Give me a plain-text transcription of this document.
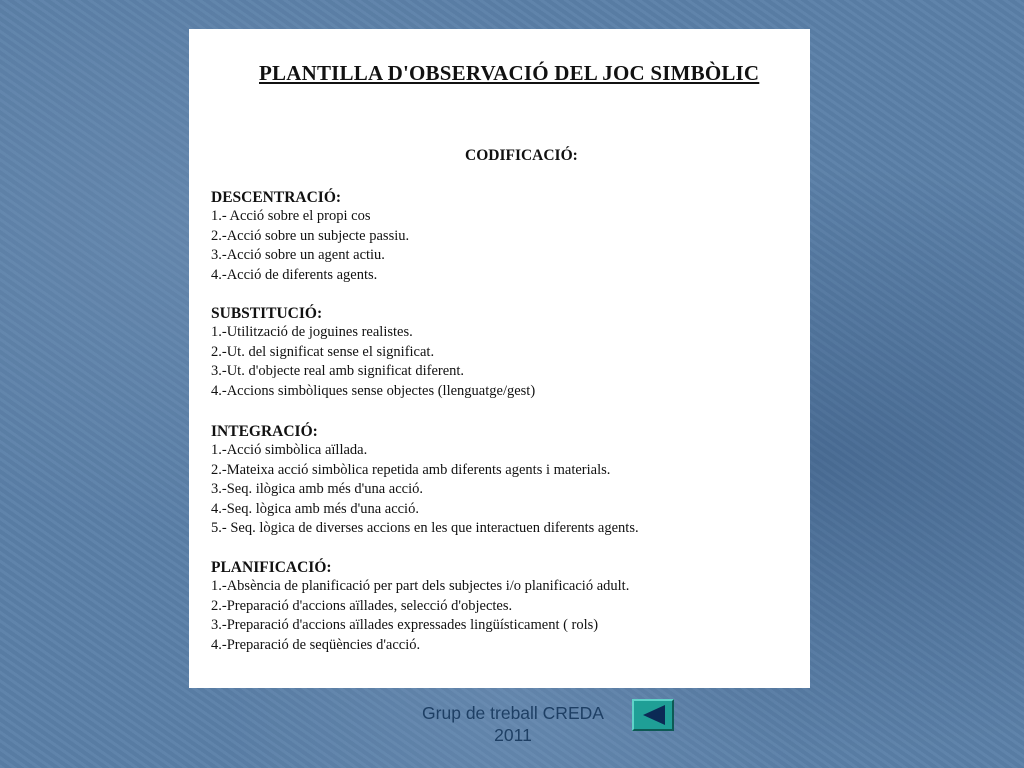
PLANTILLA D'OBSERVACIÓ DEL JOC SIMBÒLIC
CODIFICACIÓ:
DESCENTRACIÓ:
1.- Acció sobre el propi cos
2.-Acció sobre un subjecte passiu.
3.-Acció sobre un agent actiu.
4.-Acció de diferents agents.
SUBSTITUCIÓ:
1.-Utilització de joguines realistes.
2.-Ut. del significat sense el significat.
3.-Ut. d'objecte real amb significat diferent.
4.-Accions simbòliques sense objectes (llenguatge/gest)
INTEGRACIÓ:
1.-Acció simbòlica aïllada.
2.-Mateixa acció simbòlica repetida amb diferents agents i materials.
3.-Seq. ilògica amb més d'una acció.
4.-Seq. lògica amb més d'una acció.
5.- Seq. lògica de diverses accions en les que interactuen diferents agents.
PLANIFICACIÓ:
1.-Absència de planificació per part dels subjectes i/o planificació adult.
2.-Preparació d'accions aïllades, selecció d'objectes.
3.-Preparació d'accions aïllades expressades lingüísticament ( rols)
4.-Preparació de seqüències d'acció.
Grup de treball CREDA
2011
